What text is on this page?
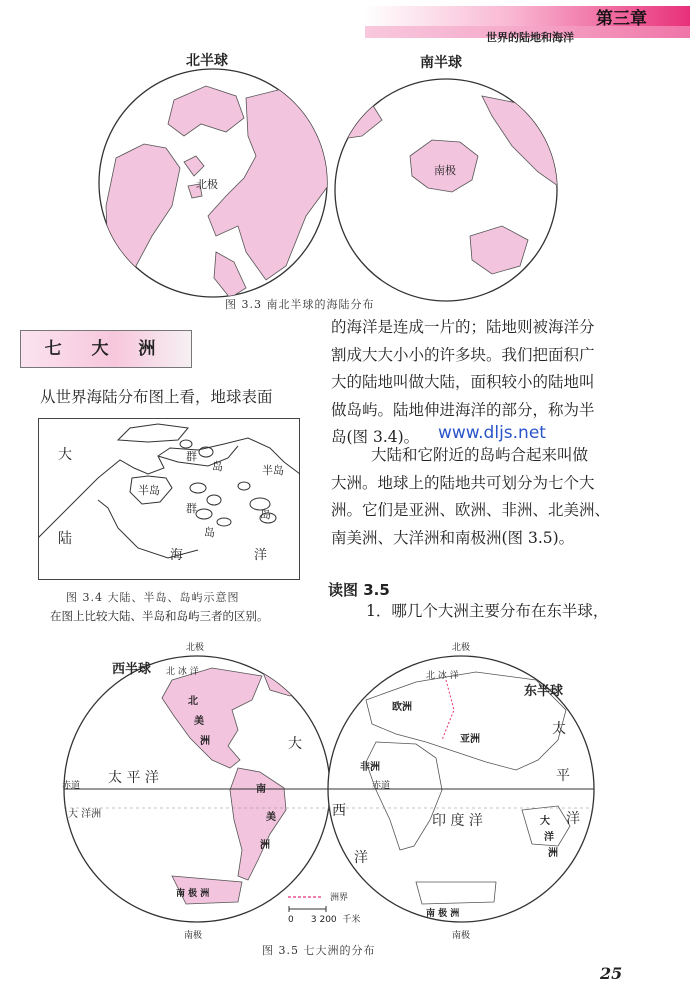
第三章
世界的陆地和海洋
北半球	南半球
北极
南极
图 3.3 南北半球的海陆分布
七 大 洲
从世界海陆分布图上看，地球表面
的海洋是连成一片的；陆地则被海洋分
割成大大小小的许多块。我们把面积广
大的陆地叫做大陆，面积较小的陆地叫
做岛屿。陆地伸进海洋的部分，称为半
岛(图 3.4)。	www.dljs.net
大陆和它附近的岛屿合起来叫做
大洲。地球上的陆地共可划分为七个大
洲。它们是亚洲、欧洲、非洲、北美洲、
南美洲、大洋洲和南极洲(图 3.5)。
大
陆
群
岛	半岛
半岛
群
岛
岛
海	洋
图 3.4 大陆、半岛、岛屿示意图
在图上比较大陆、半岛和岛屿三者的区别。
读图 3.5
1．哪几个大洲主要分布在东半球，
西半球
东半球
北极	北极
南极	南极
北 冰 洋	北 冰 洋
北
美
洲
南
美
洲
太 平 洋
太
平
洋
大
西
洋
大 洋洲
欧洲
亚洲
非洲
印 度 洋	大
洋
洲
南 极 洲
南 极 洲
赤道	赤道
洲界
0      3 200  千米
图 3.5 七大洲的分布
25
